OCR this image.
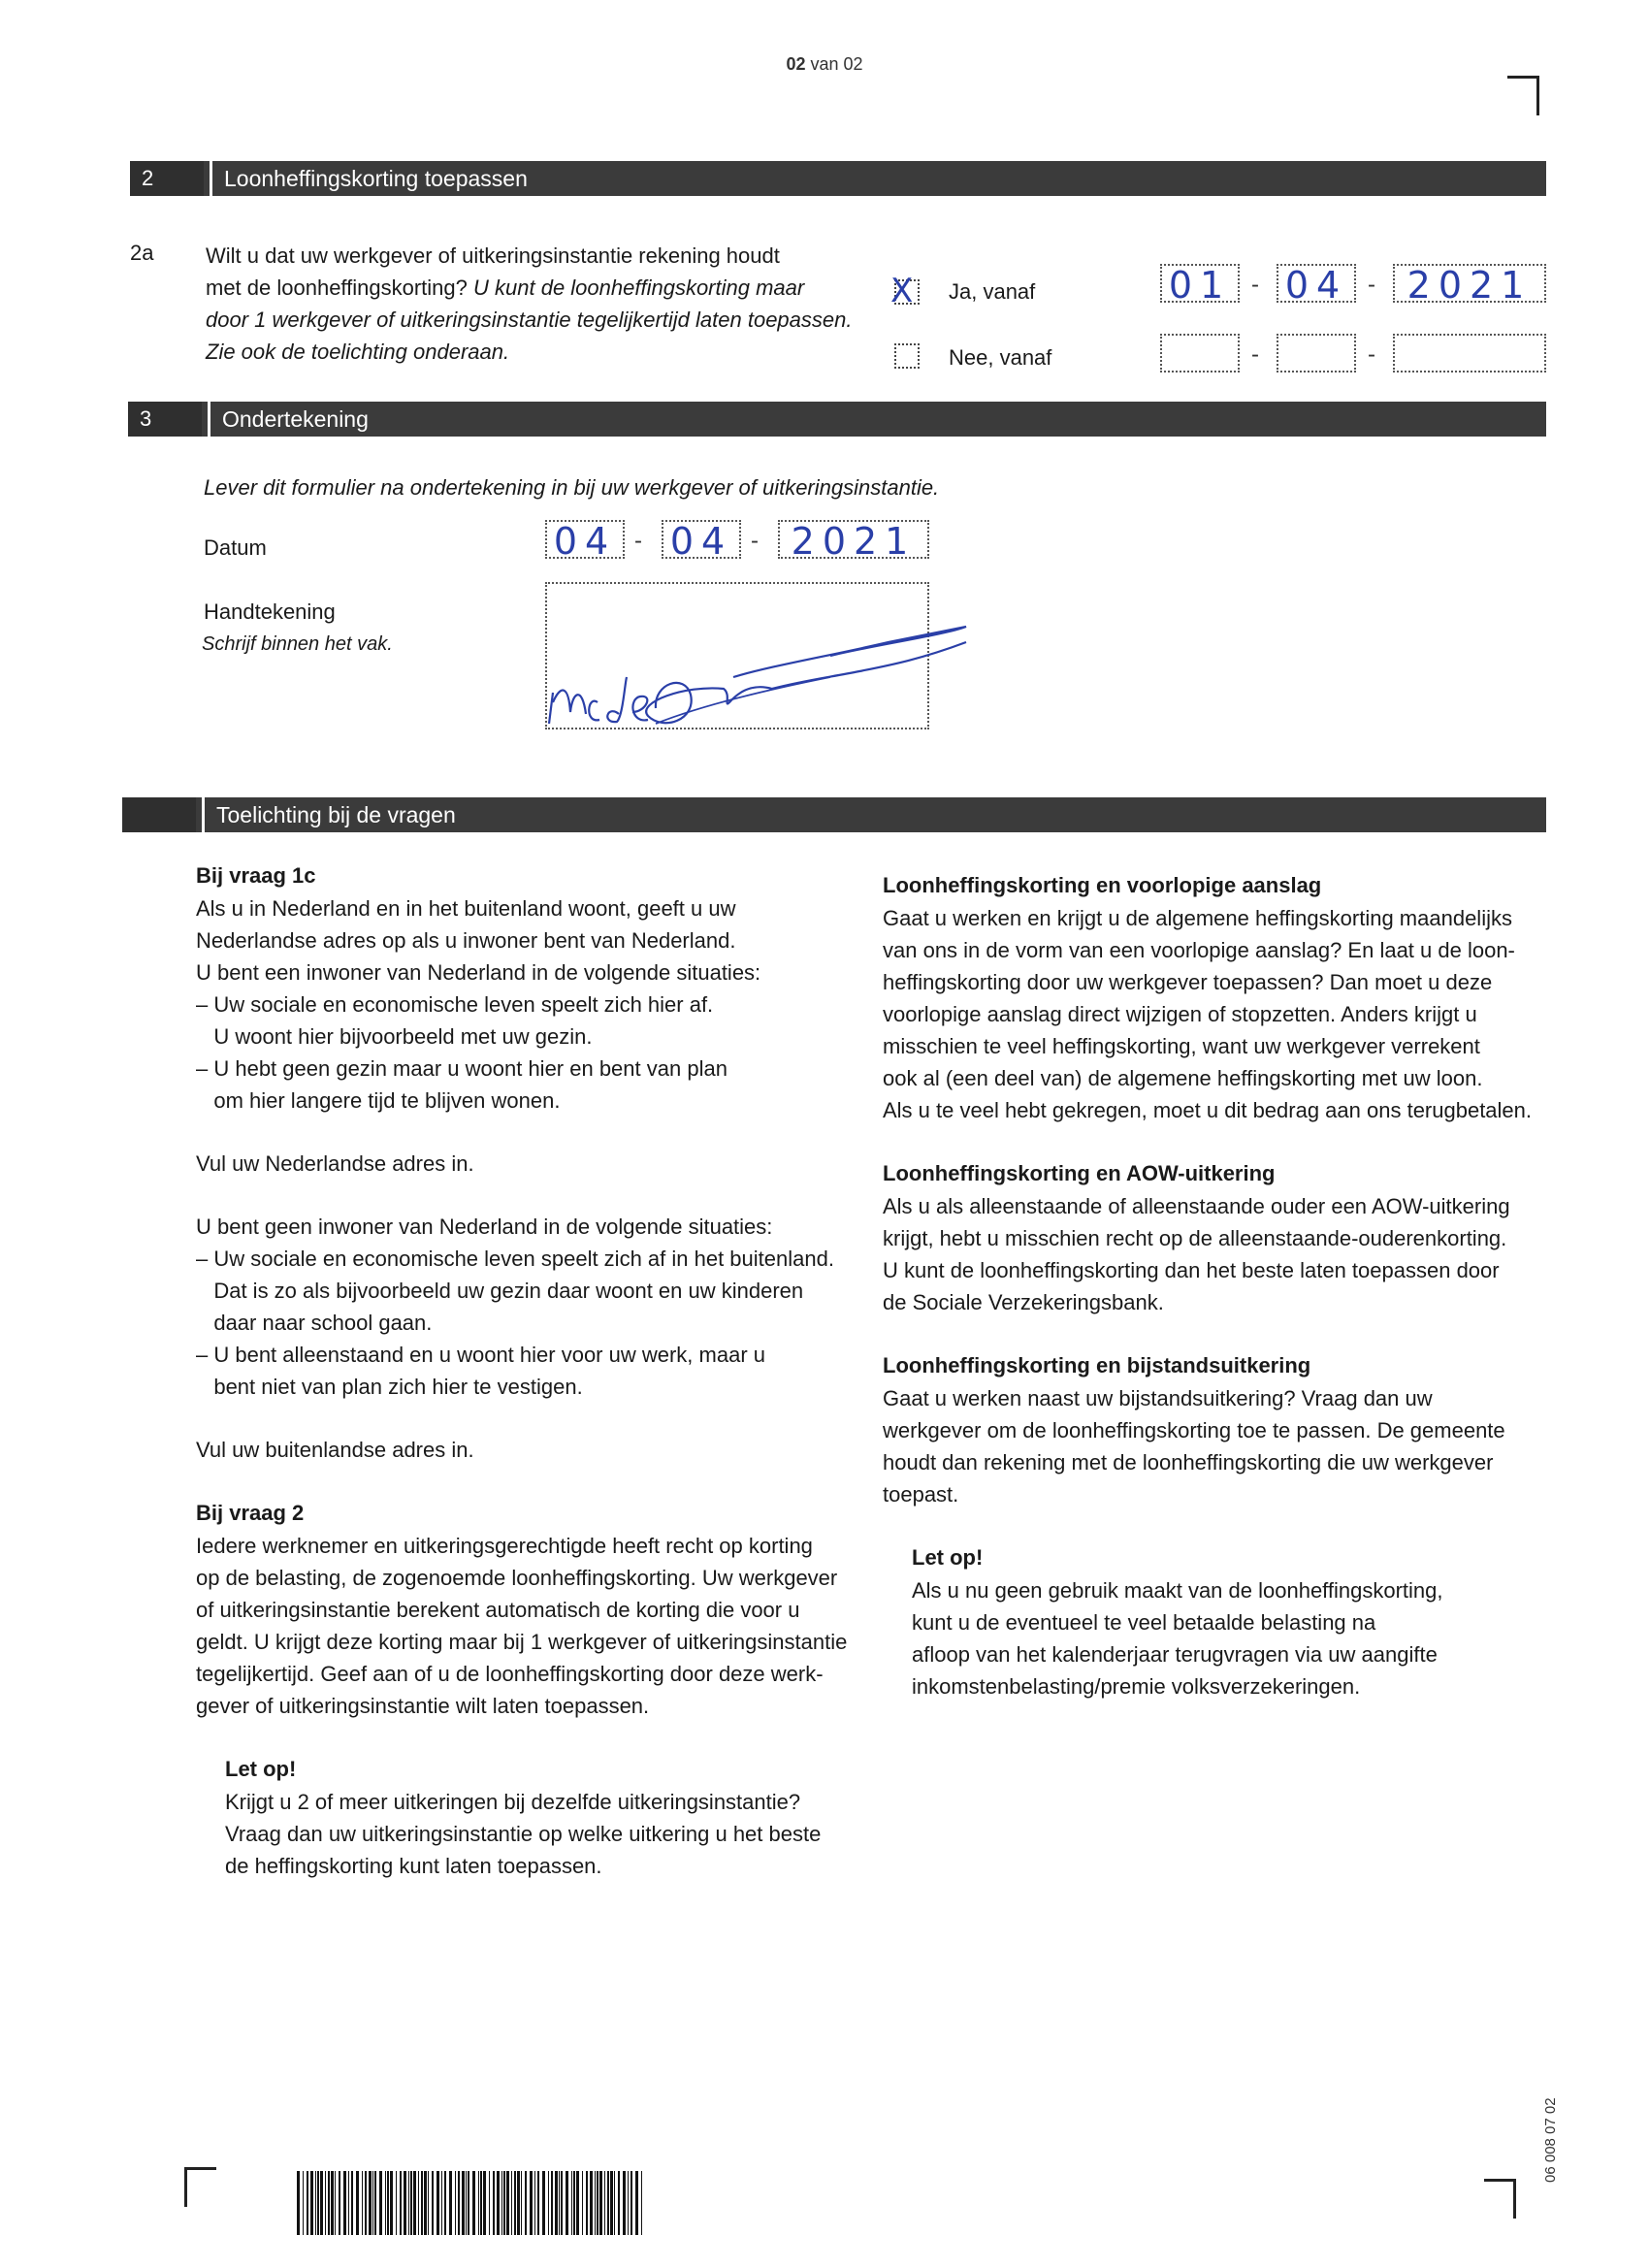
02 van 02
2	Loonheffingskorting toepassen
2a Wilt u dat uw werkgever of uitkeringsinstantie rekening houdt
met de loonheffingskorting? U kunt de loonheffingskorting maar
door 1 werkgever of uitkeringsinstantie tegelijkertijd laten toepassen.
Zie ook de toelichting onderaan.
X Ja, vanaf	01 - 04 - 2021
Nee, vanaf	-	-
3	Ondertekening
Lever dit formulier na ondertekening in bij uw werkgever of uitkeringsinstantie.
Datum	04 - 04 - 2021
Handtekening
Schrijf binnen het vak.
Toelichting bij de vragen
Bij vraag 1c
Als u in Nederland en in het buitenland woont, geeft u uw
Nederlandse adres op als u inwoner bent van Nederland.
U bent een inwoner van Nederland in de volgende situaties:
– Uw sociale en economische leven speelt zich hier af.
U woont hier bijvoorbeeld met uw gezin.
– U hebt geen gezin maar u woont hier en bent van plan
om hier langere tijd te blijven wonen.
Vul uw Nederlandse adres in.
U bent geen inwoner van Nederland in de volgende situaties:
– Uw sociale en economische leven speelt zich af in het buitenland.
Dat is zo als bijvoorbeeld uw gezin daar woont en uw kinderen
daar naar school gaan.
– U bent alleenstaand en u woont hier voor uw werk, maar u
bent niet van plan zich hier te vestigen.
Vul uw buitenlandse adres in.
Bij vraag 2
Iedere werknemer en uitkeringsgerechtigde heeft recht op korting
op de belasting, de zogenoemde loonheffingskorting. Uw werkgever
of uitkeringsinstantie berekent automatisch de korting die voor u
geldt. U krijgt deze korting maar bij 1 werkgever of uitkeringsinstantie
tegelijkertijd. Geef aan of u de loonheffingskorting door deze werk-
gever of uitkeringsinstantie wilt laten toepassen.
Let op!
Krijgt u 2 of meer uitkeringen bij dezelfde uitkeringsinstantie?
Vraag dan uw uitkeringsinstantie op welke uitkering u het beste
de heffingskorting kunt laten toepassen.
Loonheffingskorting en voorlopige aanslag
Gaat u werken en krijgt u de algemene heffingskorting maandelijks
van ons in de vorm van een voorlopige aanslag? En laat u de loon-
heffingskorting door uw werkgever toepassen? Dan moet u deze
voorlopige aanslag direct wijzigen of stopzetten. Anders krijgt u
misschien te veel heffingskorting, want uw werkgever verrekent
ook al (een deel van) de algemene heffingskorting met uw loon.
Als u te veel hebt gekregen, moet u dit bedrag aan ons terugbetalen.
Loonheffingskorting en AOW-uitkering
Als u als alleenstaande of alleenstaande ouder een AOW-uitkering
krijgt, hebt u misschien recht op de alleenstaande-ouderenkorting.
U kunt de loonheffingskorting dan het beste laten toepassen door
de Sociale Verzekeringsbank.
Loonheffingskorting en bijstandsuitkering
Gaat u werken naast uw bijstandsuitkering? Vraag dan uw
werkgever om de loonheffingskorting toe te passen. De gemeente
houdt dan rekening met de loonheffingskorting die uw werkgever
toepast.
Let op!
Als u nu geen gebruik maakt van de loonheffingskorting,
kunt u de eventueel te veel betaalde belasting na
afloop van het kalenderjaar terugvragen via uw aangifte
inkomstenbelasting/premie volksverzekeringen.
06 008 07 02
